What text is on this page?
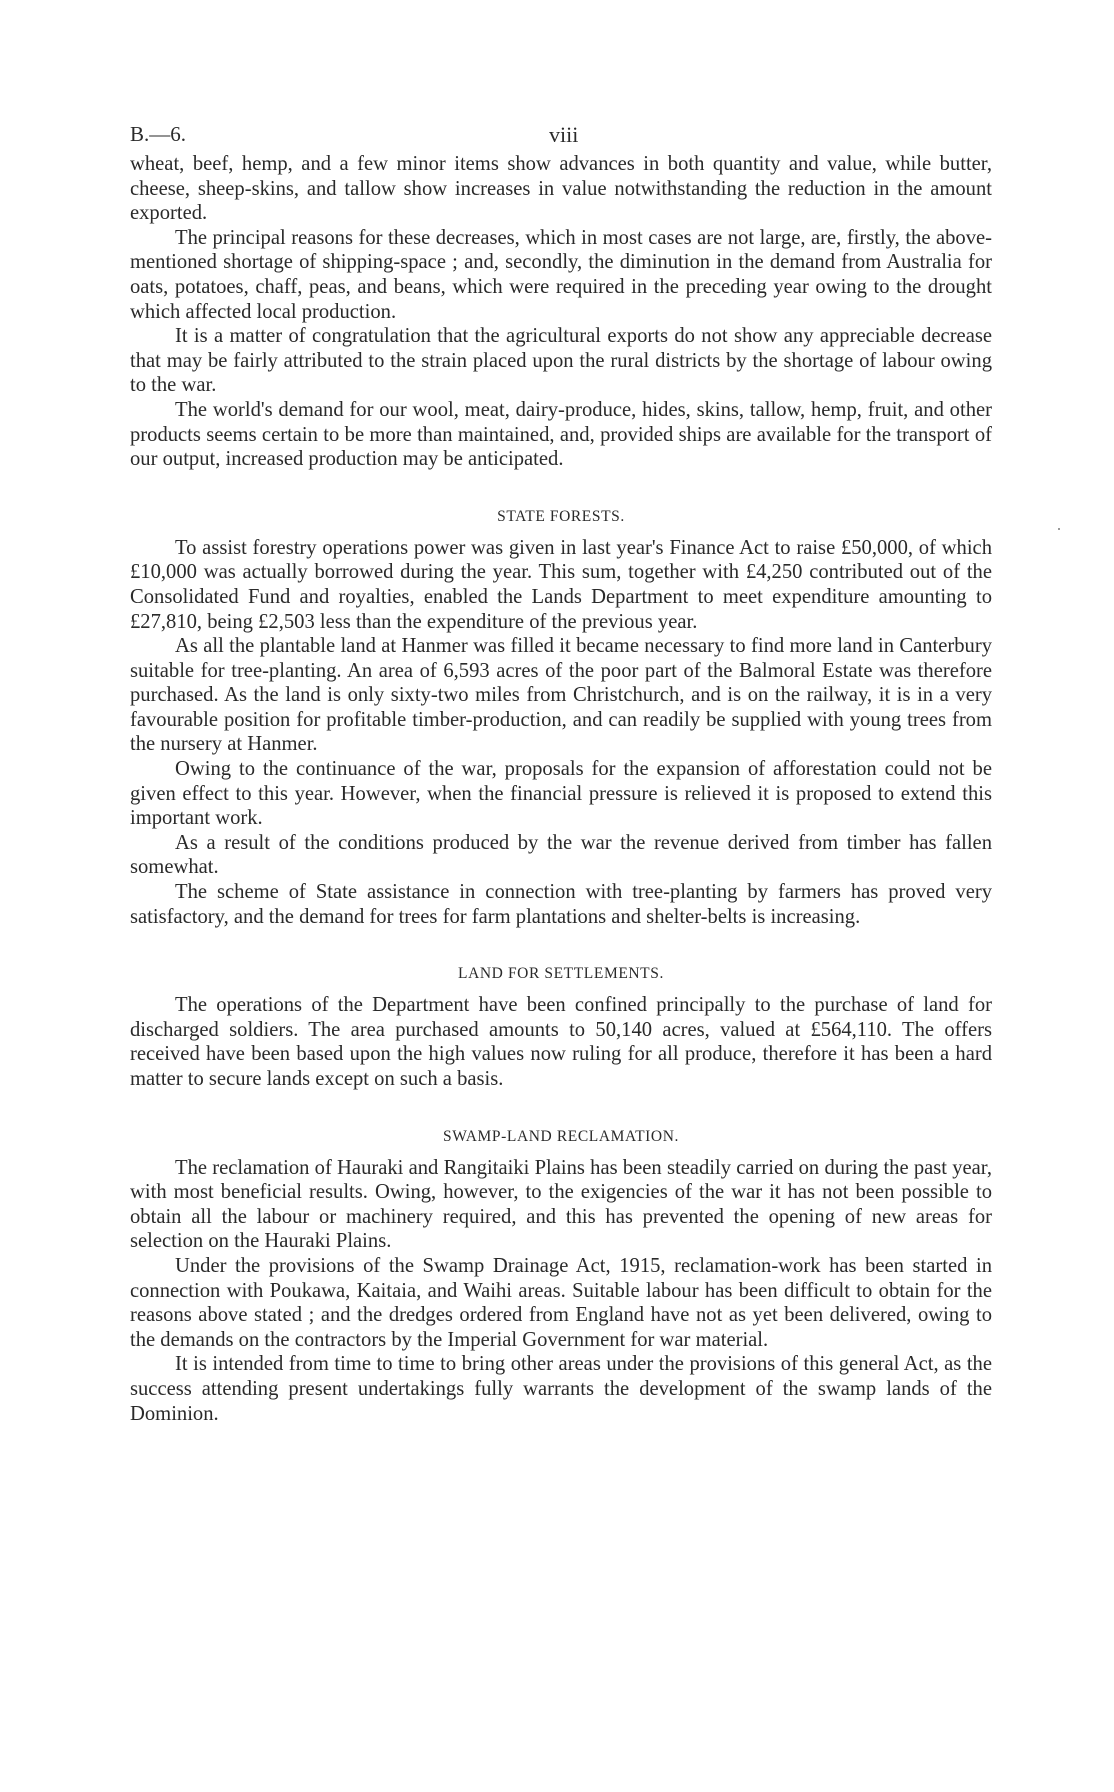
B.—6.	viii

wheat, beef, hemp, and a few minor items show advances in both quantity and value, while butter, cheese, sheep-skins, and tallow show increases in value notwithstanding the reduction in the amount exported.

The principal reasons for these decreases, which in most cases are not large, are, firstly, the above-mentioned shortage of shipping-space ; and, secondly, the diminution in the demand from Australia for oats, potatoes, chaff, peas, and beans, which were required in the preceding year owing to the drought which affected local production.

It is a matter of congratulation that the agricultural exports do not show any appreciable decrease that may be fairly attributed to the strain placed upon the rural districts by the shortage of labour owing to the war.

The world's demand for our wool, meat, dairy-produce, hides, skins, tallow, hemp, fruit, and other products seems certain to be more than maintained, and, provided ships are available for the transport of our output, increased production may be anticipated.

STATE FORESTS.

To assist forestry operations power was given in last year's Finance Act to raise £50,000, of which £10,000 was actually borrowed during the year. This sum, together with £4,250 contributed out of the Consolidated Fund and royalties, enabled the Lands Department to meet expenditure amounting to £27,810, being £2,503 less than the expenditure of the previous year.

As all the plantable land at Hanmer was filled it became necessary to find more land in Canterbury suitable for tree-planting. An area of 6,593 acres of the poor part of the Balmoral Estate was therefore purchased. As the land is only sixty-two miles from Christchurch, and is on the railway, it is in a very favourable position for profitable timber-production, and can readily be supplied with young trees from the nursery at Hanmer.

Owing to the continuance of the war, proposals for the expansion of afforestation could not be given effect to this year. However, when the financial pressure is relieved it is proposed to extend this important work.

As a result of the conditions produced by the war the revenue derived from timber has fallen somewhat.

The scheme of State assistance in connection with tree-planting by farmers has proved very satisfactory, and the demand for trees for farm plantations and shelter-belts is increasing.

LAND FOR SETTLEMENTS.

The operations of the Department have been confined principally to the purchase of land for discharged soldiers. The area purchased amounts to 50,140 acres, valued at £564,110. The offers received have been based upon the high values now ruling for all produce, therefore it has been a hard matter to secure lands except on such a basis.

SWAMP-LAND RECLAMATION.

The reclamation of Hauraki and Rangitaiki Plains has been steadily carried on during the past year, with most beneficial results. Owing, however, to the exigencies of the war it has not been possible to obtain all the labour or machinery required, and this has prevented the opening of new areas for selection on the Hauraki Plains.

Under the provisions of the Swamp Drainage Act, 1915, reclamation-work has been started in connection with Poukawa, Kaitaia, and Waihi areas. Suitable labour has been difficult to obtain for the reasons above stated ; and the dredges ordered from England have not as yet been delivered, owing to the demands on the contractors by the Imperial Government for war material.

It is intended from time to time to bring other areas under the provisions of this general Act, as the success attending present undertakings fully warrants the development of the swamp lands of the Dominion.
